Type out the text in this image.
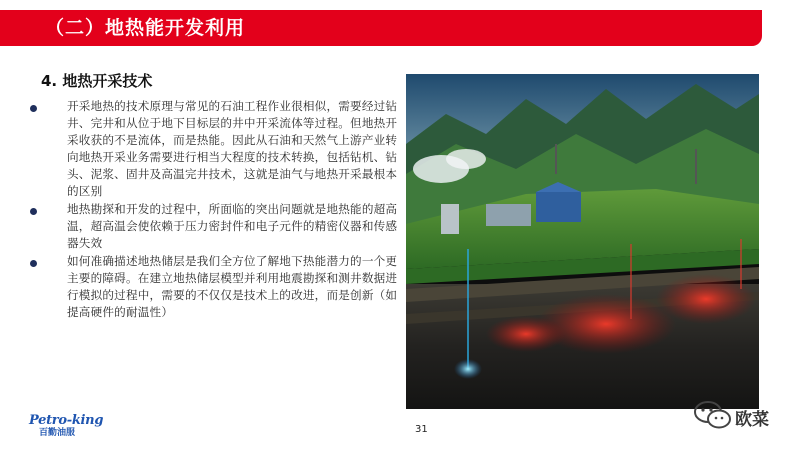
（二）地热能开发利用
4. 地热开采技术
开采地热的技术原理与常见的石油工程作业很相似，需要经过钻井、完井和从位于地下目标层的井中开采流体等过程。但地热开采收获的不是流体，而是热能。因此从石油和天然气上游产业转向地热开采业务需要进行相当大程度的技术转换，包括钻机、钻头、泥浆、固井及高温完井技术，这就是油气与地热开采最根本的区别
地热勘探和开发的过程中，所面临的突出问题就是地热能的超高温，超高温会使依赖于压力密封件和电子元件的精密仪器和传感器失效
如何准确描述地热储层是我们全方位了解地下热能潜力的一个更主要的障碍。在建立地热储层模型并利用地震勘探和测井数据进行模拟的过程中，需要的不仅仅是技术上的改进，而是创新（如提高硬件的耐温性）
31
Petro-king
百勤油服
欧菜
